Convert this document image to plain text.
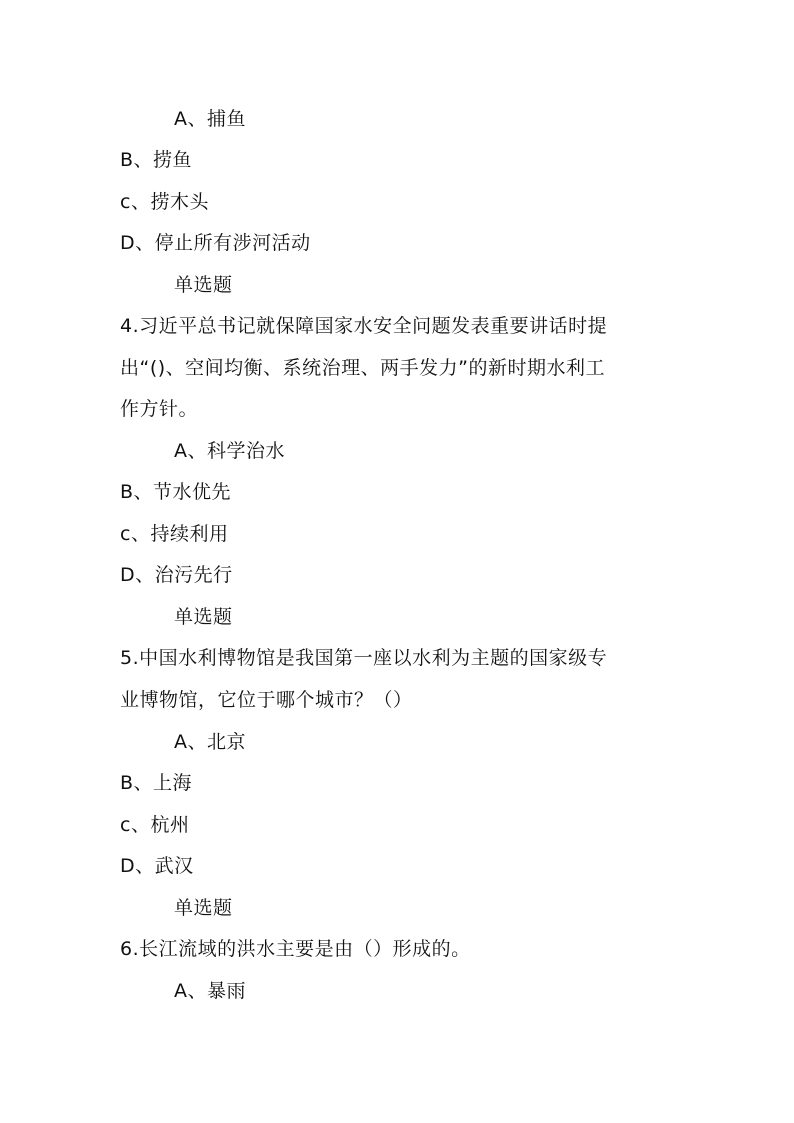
A、捕鱼
B、捞鱼
c、捞木头
D、停止所有涉河活动
单选题
4.习近平总书记就保障国家水安全问题发表重要讲话时提
出“()、空间均衡、系统治理、两手发力”的新时期水利工
作方针。
A、科学治水
B、节水优先
c、持续利用
D、治污先行
单选题
5.中国水利博物馆是我国第一座以水利为主题的国家级专
业博物馆，它位于哪个城市？（）
A、北京
B、上海
c、杭州
D、武汉
单选题
6.长江流域的洪水主要是由（）形成的。
A、暴雨
